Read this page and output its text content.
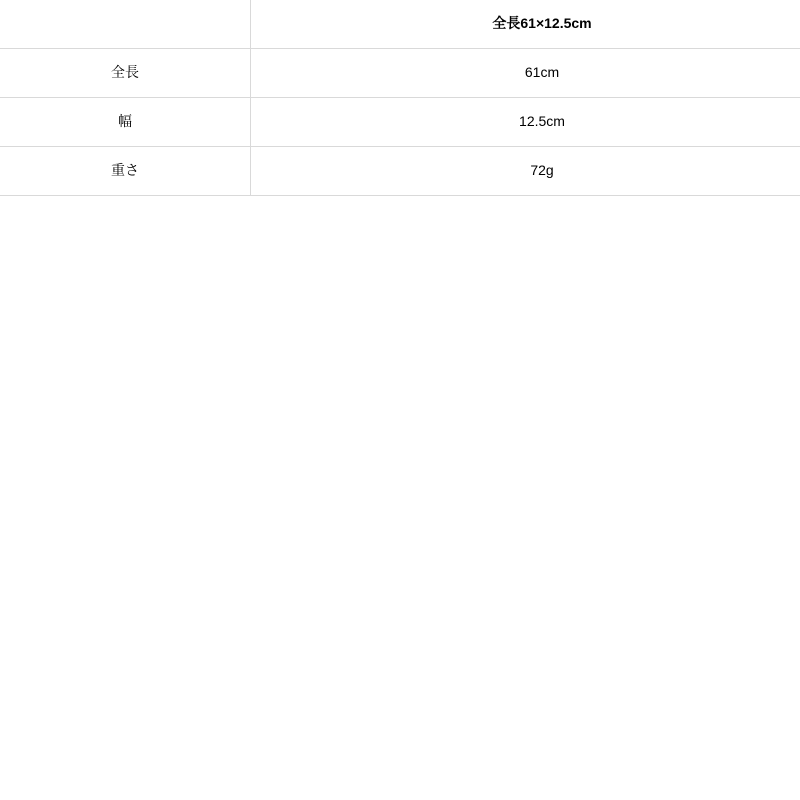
	全長61×12.5cm
全長	61cm
幅	12.5cm
重さ	72g
